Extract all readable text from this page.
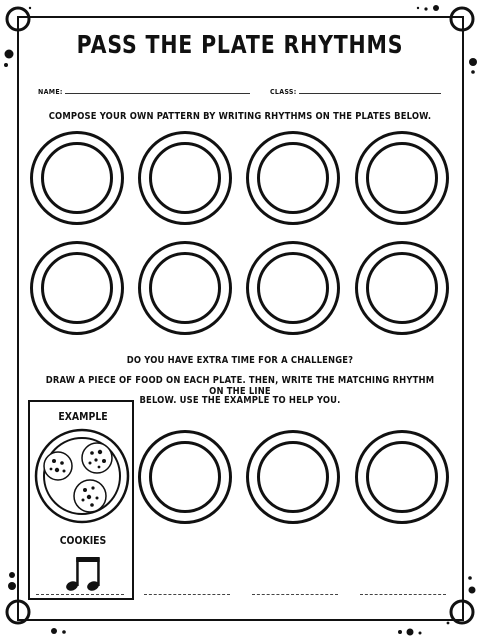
PASS THE PLATE RHYTHMS
NAME:	CLASS:
COMPOSE YOUR OWN PATTERN BY WRITING RHYTHMS ON THE PLATES BELOW.
DO YOU HAVE EXTRA TIME FOR A CHALLENGE?
DRAW A PIECE OF FOOD ON EACH PLATE. THEN, WRITE THE MATCHING RHYTHM ON THE LINE
BELOW. USE THE EXAMPLE TO HELP YOU.
EXAMPLE
COOKIES
